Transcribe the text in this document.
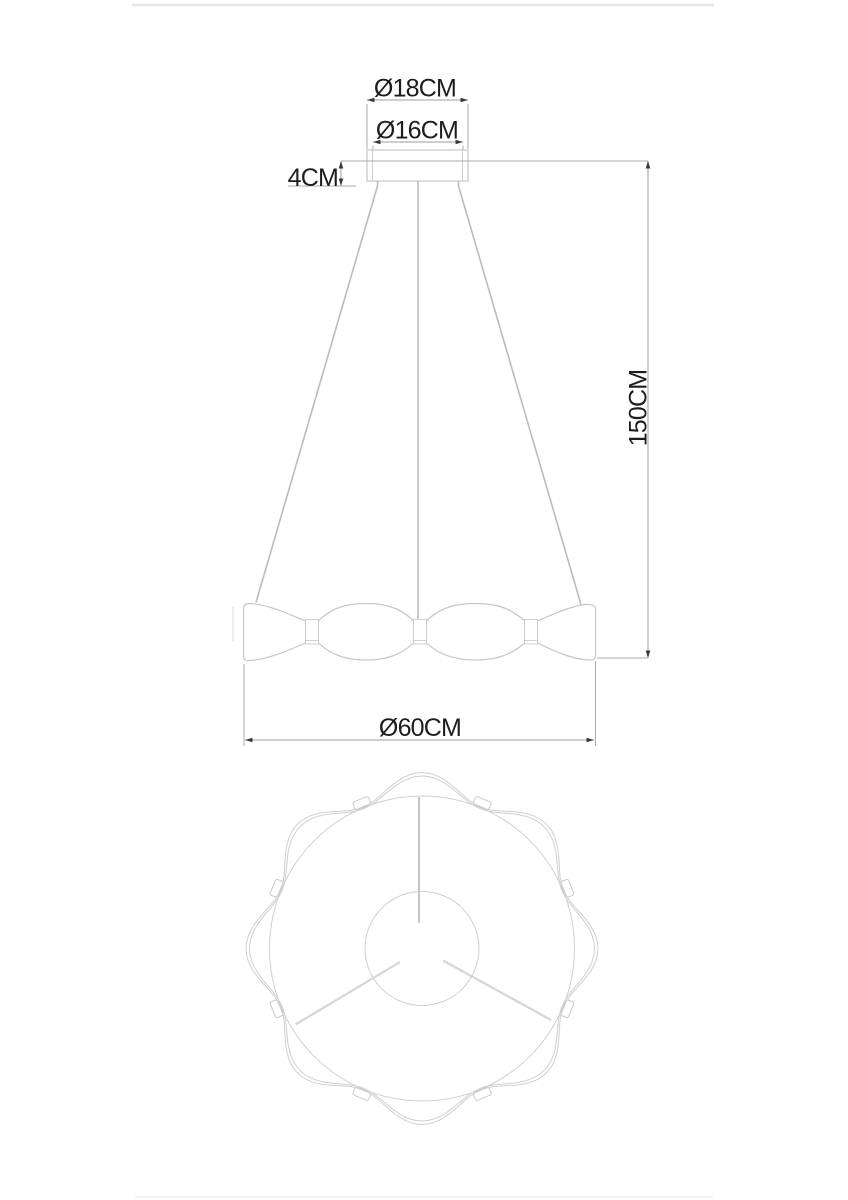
Ø18CM
Ø16CM
4CM
150CM
Ø60CM
